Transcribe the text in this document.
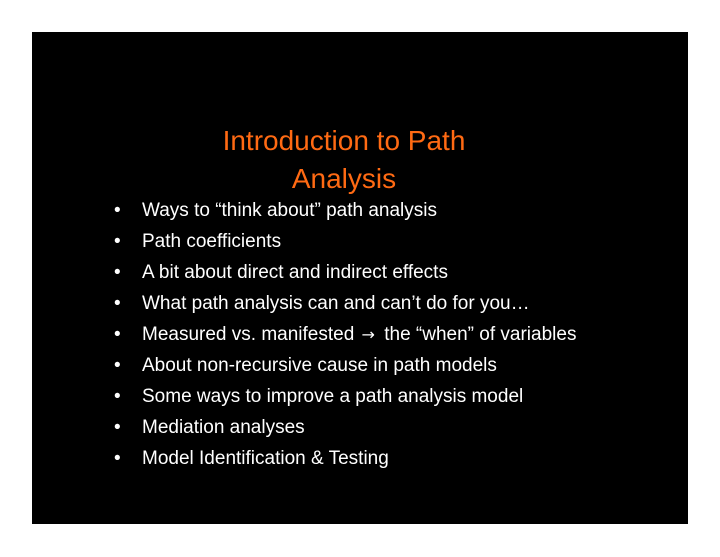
Introduction to Path
Analysis
• Ways to “think about” path analysis
• Path coefficients
• A bit about direct and indirect effects
• What path analysis can and can’t do for you…
• Measured vs. manifested → the “when” of variables
• About non-recursive cause in path models
• Some ways to improve a path analysis model
• Mediation analyses
• Model Identification & Testing
